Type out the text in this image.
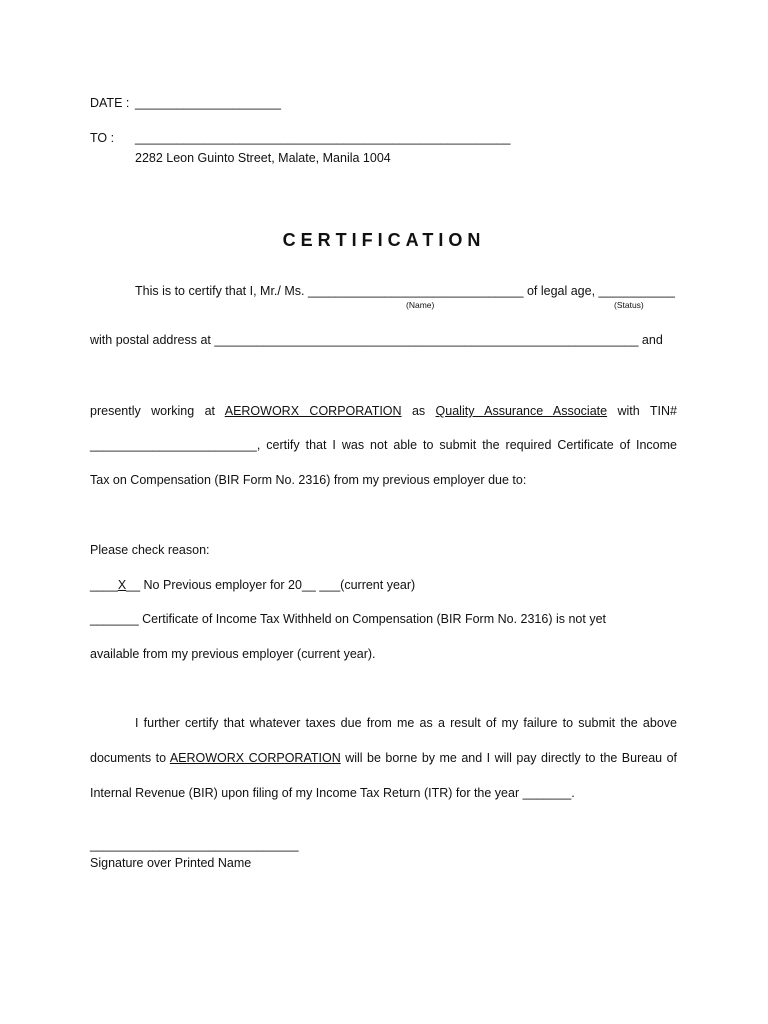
DATE : _____________________
TO : ______________________________________________________
2282 Leon Guinto Street, Malate, Manila 1004
CERTIFICATION
This is to certify that I, Mr./ Ms. _______________________________ of legal age, ___________
(Name)	(Status)
with postal address at _____________________________________________________________ and
presently working at AEROWORX CORPORATION as Quality Assurance Associate with TIN#
________________________, certify that I was not able to submit the required Certificate of Income
Tax on Compensation (BIR Form No. 2316) from my previous employer due to:
Please check reason:
____X__ No Previous employer for 20__ ___(current year)
_______ Certificate of Income Tax Withheld on Compensation (BIR Form No. 2316) is not yet
available from my previous employer (current year).
I further certify that whatever taxes due from me as a result of my failure to submit the above
documents to AEROWORX CORPORATION will be borne by me and I will pay directly to the Bureau of
Internal Revenue (BIR) upon filing of my Income Tax Return (ITR) for the year _______.
______________________________
Signature over Printed Name
